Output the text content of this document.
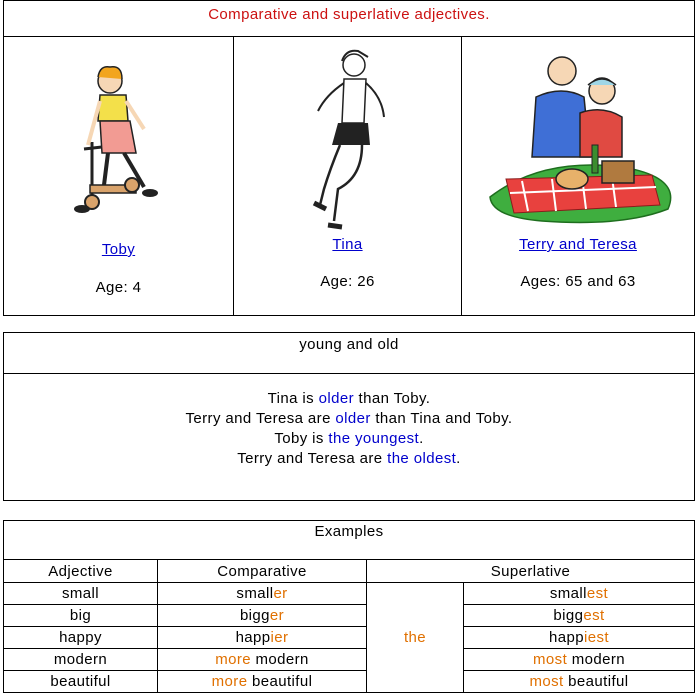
Comparative and superlative adjectives.
Toby
Age: 4
Tina
Age: 26
Terry and Teresa
Ages: 65 and 63
young and old
Tina is older than Toby.
Terry and Teresa are older than Tina and Toby.
Toby is the youngest.
Terry and Teresa are the oldest.
Examples
Adjective	Comparative	Superlative	
small	smaller	the	smallest
big	bigger		biggest
happy	happier		happiest
modern	more modern		most modern
beautiful	more beautiful		most beautiful
